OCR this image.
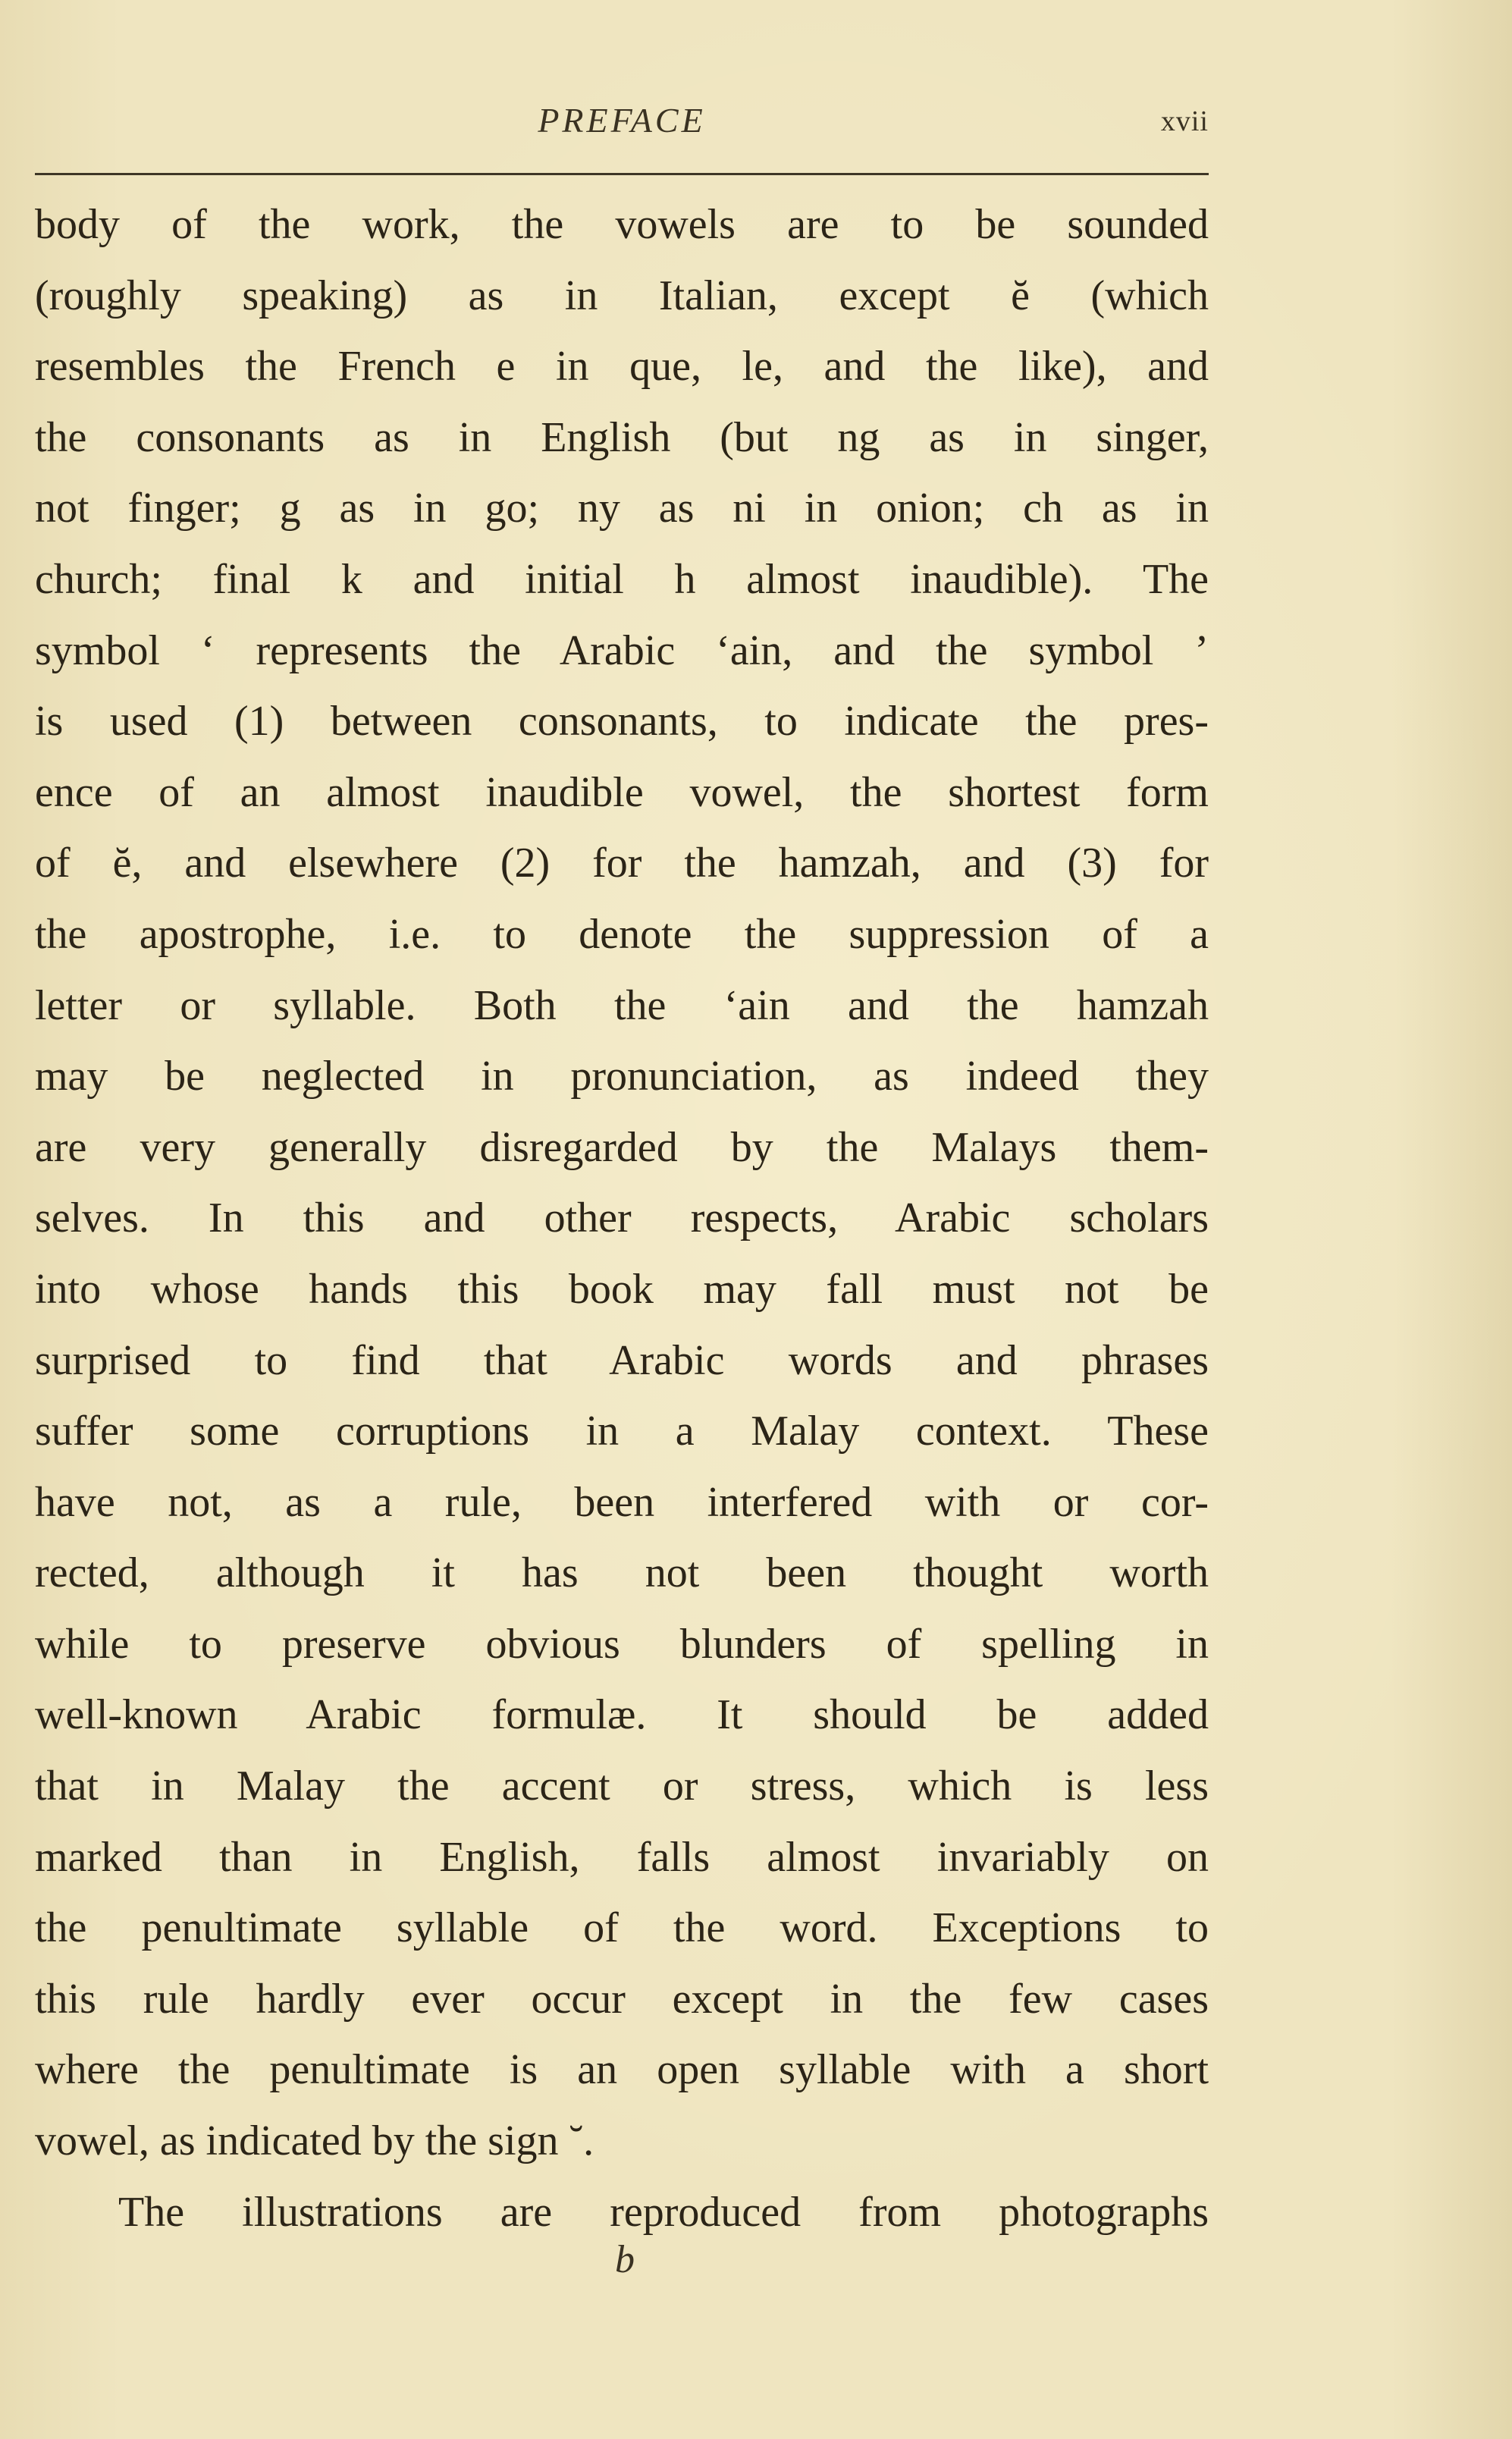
PREFACE	xvii
body of the work, the vowels are to be sounded
(roughly speaking) as in Italian, except ĕ (which
resembles the French e in que, le, and the like), and
the consonants as in English (but ng as in singer,
not finger; g as in go; ny as ni in onion; ch as in
church; final k and initial h almost inaudible). The
symbol ‘ represents the Arabic ‘ain, and the symbol ’
is used (1) between consonants, to indicate the pres-
ence of an almost inaudible vowel, the shortest form
of ĕ, and elsewhere (2) for the hamzah, and (3) for
the apostrophe, i.e. to denote the suppression of a
letter or syllable. Both the ‘ain and the hamzah
may be neglected in pronunciation, as indeed they
are very generally disregarded by the Malays them-
selves. In this and other respects, Arabic scholars
into whose hands this book may fall must not be
surprised to find that Arabic words and phrases
suffer some corruptions in a Malay context. These
have not, as a rule, been interfered with or cor-
rected, although it has not been thought worth
while to preserve obvious blunders of spelling in
well-known Arabic formulæ. It should be added
that in Malay the accent or stress, which is less
marked than in English, falls almost invariably on
the penultimate syllable of the word. Exceptions to
this rule hardly ever occur except in the few cases
where the penultimate is an open syllable with a short
vowel, as indicated by the sign ˘.
The illustrations are reproduced from photographs
b
